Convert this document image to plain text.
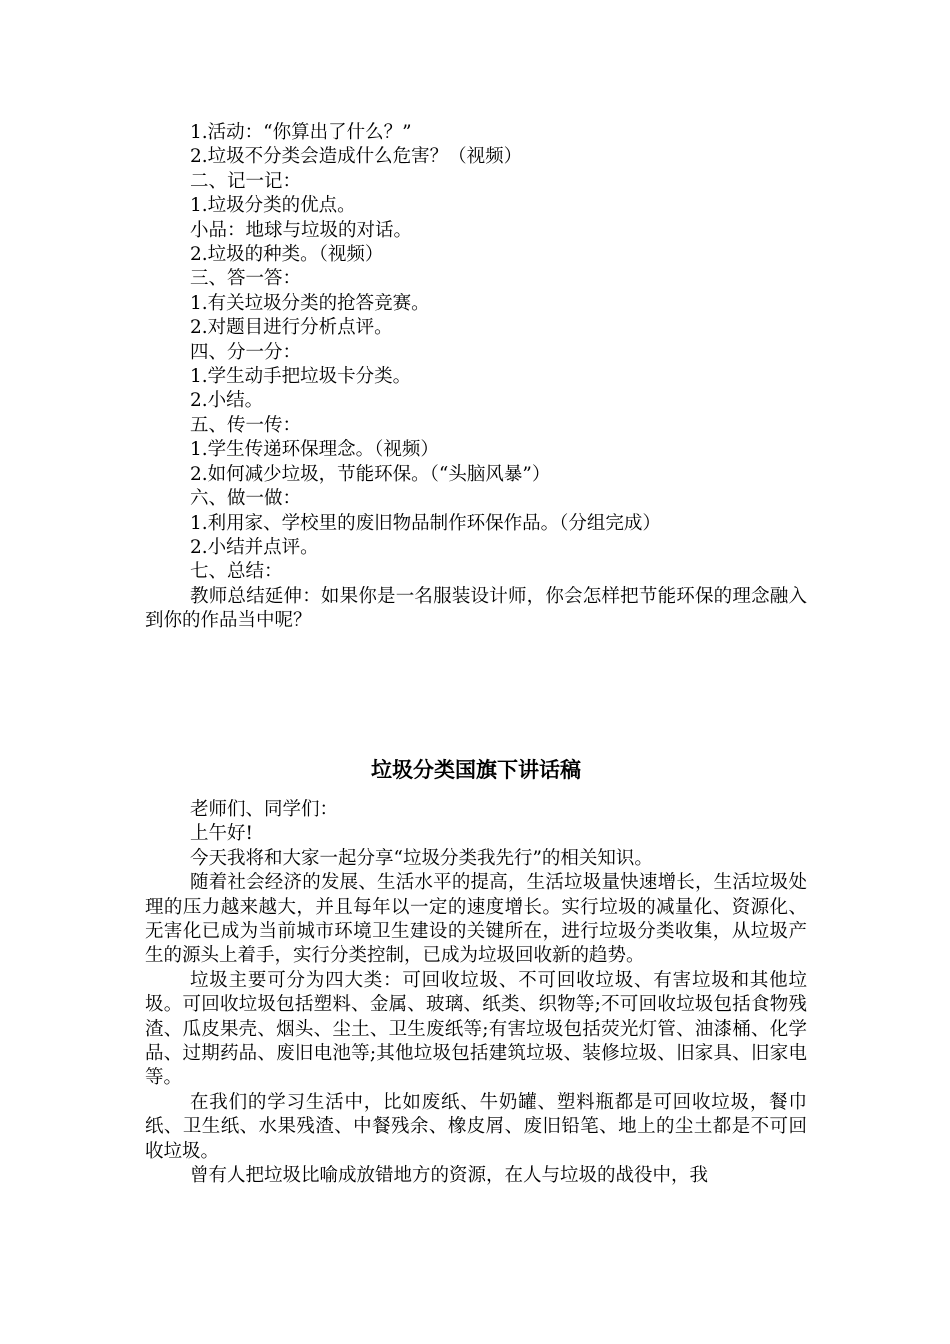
1.活动：“你算出了什么？”

2.垃圾不分类会造成什么危害？（视频）

二、记一记：

1.垃圾分类的优点。

小品：地球与垃圾的对话。

2.垃圾的种类。（视频）

三、答一答：

1.有关垃圾分类的抢答竞赛。

2.对题目进行分析点评。

四、分一分：

1.学生动手把垃圾卡分类。

2.小结。

五、传一传：

1.学生传递环保理念。（视频）

2.如何减少垃圾，节能环保。（“头脑风暴”）

六、做一做：

1.利用家、学校里的废旧物品制作环保作品。（分组完成）

2.小结并点评。

七、总结：

教师总结延伸：如果你是一名服装设计师，你会怎样把节能环保的理念融入到你的作品当中呢？

垃圾分类国旗下讲话稿

老师们、同学们：

上午好!

今天我将和大家一起分享“垃圾分类我先行”的相关知识。

随着社会经济的发展、生活水平的提高，生活垃圾量快速增长，生活垃圾处理的压力越来越大，并且每年以一定的速度增长。实行垃圾的减量化、资源化、无害化已成为当前城市环境卫生建设的关键所在，进行垃圾分类收集，从垃圾产生的源头上着手，实行分类控制，已成为垃圾回收新的趋势。

垃圾主要可分为四大类：可回收垃圾、不可回收垃圾、有害垃圾和其他垃圾。可回收垃圾包括塑料、金属、玻璃、纸类、织物等;不可回收垃圾包括食物残渣、瓜皮果壳、烟头、尘土、卫生废纸等;有害垃圾包括荧光灯管、油漆桶、化学品、过期药品、废旧电池等;其他垃圾包括建筑垃圾、装修垃圾、旧家具、旧家电等。

在我们的学习生活中，比如废纸、牛奶罐、塑料瓶都是可回收垃圾，餐巾纸、卫生纸、水果残渣、中餐残余、橡皮屑、废旧铅笔、地上的尘土都是不可回收垃圾。

曾有人把垃圾比喻成放错地方的资源，在人与垃圾的战役中，我
